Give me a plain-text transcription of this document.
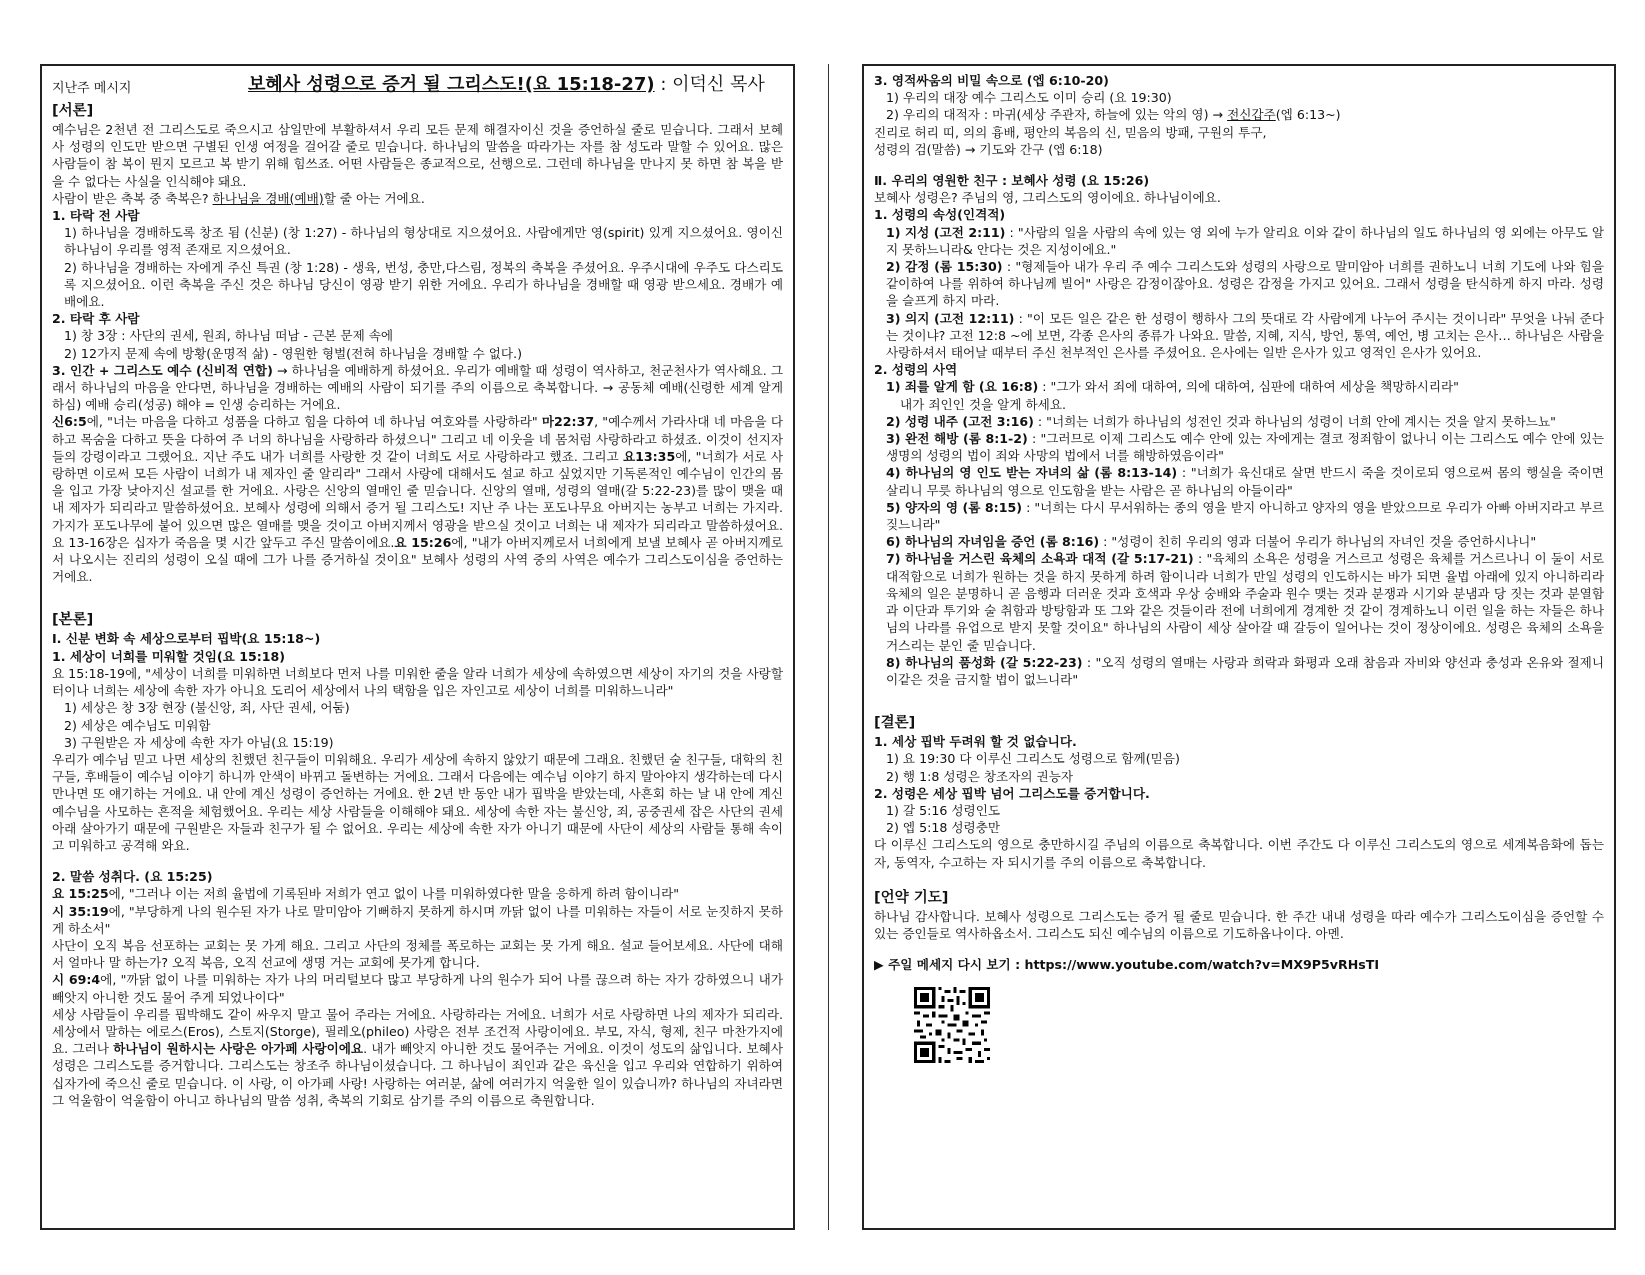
지난주 메시지	보혜사 성령으로 증거 될 그리스도!(요 15:18-27) : 이덕신 목사
[서론]

예수님은 2천년 전 그리스도로 죽으시고 삼일만에 부활하셔서 우리 모든 문제 해결자이신 것을 증언하실 줄로 믿습니다. 그래서 보혜사 성령의 인도만 받으면 구별된 인생 여정을 걸어갈 줄로 믿습니다. 하나님의 말씀을 따라가는 자를 참 성도라 말할 수 있어요. 많은 사람들이 참 복이 뭔지 모르고 복 받기 위해 힘쓰죠. 어떤 사람들은 종교적으로, 선행으로. 그런데 하나님을 만나지 못 하면 참 복을 받을 수 없다는 사실을 인식해야 돼요.

사람이 받은 축복 중 축복은? 하나님을 경배(예배)할 줄 아는 거에요.

1. 타락 전 사람

1) 하나님을 경배하도록 창조 됨 (신분) (창 1:27) - 하나님의 형상대로 지으셨어요. 사람에게만 영(spirit) 있게 지으셨어요. 영이신 하나님이 우리를 영적 존재로 지으셨어요.

2) 하나님을 경배하는 자에게 주신 특권 (창 1:28) - 생육, 번성, 충만,다스림, 정복의 축복을 주셨어요. 우주시대에 우주도 다스리도록 지으셨어요. 이런 축복을 주신 것은 하나님 당신이 영광 받기 위한 거에요. 우리가 하나님을 경배할 때 영광 받으세요. 경배가 예배에요.

2. 타락 후 사람

1) 창 3장 : 사단의 권세, 원죄, 하나님 떠남 - 근본 문제 속에

2) 12가지 문제 속에 방황(운명적 삶) - 영원한 형벌(전혀 하나님을 경배할 수 없다.)

3. 인간 + 그리스도 예수 (신비적 연합) → 하나님을 예배하게 하셨어요. 우리가 예배할 때 성령이 역사하고, 천군천사가 역사해요. 그래서 하나님의 마음을 안다면, 하나님을 경배하는 예배의 사람이 되기를 주의 이름으로 축복합니다. → 공동체 예배(신령한 세계 알게 하심) 예배 승리(성공) 해야 = 인생 승리하는 거에요.

신6:5에, "너는 마음을 다하고 성품을 다하고 힘을 다하여 네 하나님 여호와를 사랑하라" 마22:37, "예수께서 가라사대 네 마음을 다하고 목숨을 다하고 뜻을 다하여 주 너의 하나님을 사랑하라 하셨으니" 그리고 네 이웃을 네 몸처럼 사랑하라고 하셨죠. 이것이 선지자들의 강령이라고 그랬어요. 지난 주도 내가 너희를 사랑한 것 같이 너희도 서로 사랑하라고 했죠. 그리고 요13:35에, "너희가 서로 사랑하면 이로써 모든 사람이 너희가 내 제자인 줄 알리라" 그래서 사랑에 대해서도 설교 하고 싶었지만 기독론적인 예수님이 인간의 몸을 입고 가장 낮아지신 설교를 한 거에요. 사랑은 신앙의 열매인 줄 믿습니다. 신앙의 열매, 성령의 열매(갈 5:22-23)를 많이 맺을 때 내 제자가 되리라고 말씀하셨어요. 보혜사 성령에 의해서 증거 될 그리스도! 지난 주 나는 포도나무요 아버지는 농부고 너희는 가지라. 가지가 포도나무에 붙어 있으면 많은 열매를 맺을 것이고 아버지께서 영광을 받으실 것이고 너희는 내 제자가 되리라고 말씀하셨어요. 요 13-16장은 십자가 죽음을 몇 시간 앞두고 주신 말씀이에요.요 15:26에, "내가 아버지께로서 너희에게 보낼 보혜사 곧 아버지께로서 나오시는 진리의 성령이 오실 때에 그가 나를 증거하실 것이요" 보혜사 성령의 사역 중의 사역은 예수가 그리스도이심을 증언하는 거에요.

[본론]

Ⅰ. 신분 변화 속 세상으로부터 핍박(요 15:18~)

1. 세상이 너희를 미워할 것임(요 15:18)

요 15:18-19에, "세상이 너희를 미워하면 너희보다 먼저 나를 미워한 줄을 알라 너희가 세상에 속하였으면 세상이 자기의 것을 사랑할 터이나 너희는 세상에 속한 자가 아니요 도리어 세상에서 나의 택함을 입은 자인고로 세상이 너희를 미워하느니라"

1) 세상은 창 3장 현장 (불신앙, 죄, 사단 권세, 어둠)

2) 세상은 예수님도 미워함

3) 구원받은 자 세상에 속한 자가 아님(요 15:19)

우리가 예수님 믿고 나면 세상의 친했던 친구들이 미워해요. 우리가 세상에 속하지 않았기 때문에 그래요. 친했던 술 친구들, 대학의 친구들, 후배들이 예수님 이야기 하니까 안색이 바뀌고 돌변하는 거에요. 그래서 다음에는 예수님 이야기 하지 말아야지 생각하는데 다시 만나면 또 얘기하는 거에요. 내 안에 계신 성령이 증언하는 거에요. 한 2년 반 동안 내가 핍박을 받았는데, 사흔회 하는 날 내 안에 계신 예수님을 사모하는 흔적을 체험했어요. 우리는 세상 사람들을 이해해야 돼요. 세상에 속한 자는 불신앙, 죄, 공중권세 잡은 사단의 권세 아래 살아가기 때문에 구원받은 자들과 친구가 될 수 없어요. 우리는 세상에 속한 자가 아니기 때문에 사단이 세상의 사람들 통해 속이고 미워하고 공격해 와요.

2. 말씀 성취다. (요 15:25)

요 15:25에, "그러나 이는 저희 율법에 기록된바 저희가 연고 없이 나를 미워하였다한 말을 응하게 하려 함이니라"

시 35:19에, "부당하게 나의 원수된 자가 나로 말미암아 기뻐하지 못하게 하시며 까닭 없이 나를 미워하는 자들이 서로 눈짓하지 못하게 하소서"

사단이 오직 복음 선포하는 교회는 못 가게 해요. 그리고 사단의 정체를 폭로하는 교회는 못 가게 해요. 설교 들어보세요. 사단에 대해서 얼마나 말 하는가? 오직 복음, 오직 선교에 생명 거는 교회에 못가게 합니다.

시 69:4에, "까닭 없이 나를 미워하는 자가 나의 머리털보다 많고 부당하게 나의 원수가 되어 나를 끊으려 하는 자가 강하였으니 내가 빼앗지 아니한 것도 물어 주게 되었나이다"

세상 사람들이 우리를 핍박해도 같이 싸우지 말고 물어 주라는 거에요. 사랑하라는 거에요. 너희가 서로 사랑하면 나의 제자가 되리라. 세상에서 말하는 에로스(Eros), 스토지(Storge), 필레오(phileo) 사랑은 전부 조건적 사랑이에요. 부모, 자식, 형제, 친구 마찬가지에요. 그러나 하나님이 원하시는 사랑은 아가페 사랑이에요. 내가 빼앗지 아니한 것도 물어주는 거에요. 이것이 성도의 삶입니다. 보혜사 성령은 그리스도를 증거합니다. 그리스도는 창조주 하나님이셨습니다. 그 하나님이 죄인과 같은 육신을 입고 우리와 연합하기 위하여 십자가에 죽으신 줄로 믿습니다. 이 사랑, 이 아가페 사랑! 사랑하는 여러분, 삶에 여러가지 억울한 일이 있습니까? 하나님의 자녀라면 그 억울함이 억울함이 아니고 하나님의 말씀 성취, 축복의 기회로 삼기를 주의 이름으로 축원합니다.

3. 영적싸움의 비밀 속으로 (엡 6:10-20)

1) 우리의 대장 예수 그리스도 이미 승리 (요 19:30)

2) 우리의 대적자 : 마귀(세상 주관자, 하늘에 있는 악의 영) → 전신갑주(엡 6:13~)

진리로 허리 띠, 의의 흉배, 평안의 복음의 신, 믿음의 방패, 구원의 투구,

성령의 검(말씀) → 기도와 간구 (엡 6:18)

Ⅱ. 우리의 영원한 친구 : 보혜사 성령 (요 15:26)

보혜사 성령은? 주님의 영, 그리스도의 영이에요. 하나님이에요.

1. 성령의 속성(인격적)

1) 지성 (고전 2:11) : "사람의 일을 사람의 속에 있는 영 외에 누가 알리요 이와 같이 하나님의 일도 하나님의 영 외에는 아무도 알지 못하느니라& 안다는 것은 지성이에요."

2) 감정 (롬 15:30) : "형제들아 내가 우리 주 예수 그리스도와 성령의 사랑으로 말미암아 너희를 권하노니 너희 기도에 나와 힘을 같이하여 나를 위하여 하나님께 빌어" 사랑은 감정이잖아요. 성령은 감정을 가지고 있어요. 그래서 성령을 탄식하게 하지 마라. 성령을 슬프게 하지 마라.

3) 의지 (고전 12:11) : "이 모든 일은 같은 한 성령이 행하사 그의 뜻대로 각 사람에게 나누어 주시는 것이니라" 무엇을 나눠 준다는 것이냐? 고전 12:8 ~에 보면, 각종 은사의 종류가 나와요. 말씀, 지혜, 지식, 방언, 통역, 예언, 병 고치는 은사… 하나님은 사람을 사랑하셔서 태어날 때부터 주신 천부적인 은사를 주셨어요. 은사에는 일반 은사가 있고 영적인 은사가 있어요.

2. 성령의 사역

1) 죄를 알게 함 (요 16:8) : "그가 와서 죄에 대하여, 의에 대하여, 심판에 대하여 세상을 책망하시리라"

내가 죄인인 것을 알게 하세요.

2) 성령 내주 (고전 3:16) : "너희는 너희가 하나님의 성전인 것과 하나님의 성령이 너희 안에 계시는 것을 알지 못하느뇨"

3) 완전 해방 (롬 8:1-2) : "그러므로 이제 그리스도 예수 안에 있는 자에게는 결코 정죄함이 없나니 이는 그리스도 예수 안에 있는 생명의 성령의 법이 죄와 사망의 법에서 너를 해방하였음이라"

4) 하나님의 영 인도 받는 자녀의 삶 (롬 8:13-14) : "너희가 육신대로 살면 반드시 죽을 것이로되 영으로써 몸의 행실을 죽이면 살리니 무릇 하나님의 영으로 인도함을 받는 사람은 곧 하나님의 아들이라"

5) 양자의 영 (롬 8:15) : "너희는 다시 무서워하는 종의 영을 받지 아니하고 양자의 영을 받았으므로 우리가 아빠 아버지라고 부르짖느니라"

6) 하나님의 자녀임을 증언 (롬 8:16) : "성령이 친히 우리의 영과 더불어 우리가 하나님의 자녀인 것을 증언하시나니"

7) 하나님을 거스린 육체의 소욕과 대적 (갈 5:17-21) : "육체의 소욕은 성령을 거스르고 성령은 육체를 거스르나니 이 둘이 서로 대적함으로 너희가 원하는 것을 하지 못하게 하려 함이니라 너희가 만일 성령의 인도하시는 바가 되면 율법 아래에 있지 아니하리라 육체의 일은 분명하니 곧 음행과 더러운 것과 호색과 우상 숭배와 주술과 원수 맺는 것과 분쟁과 시기와 분냄과 당 짓는 것과 분열함과 이단과 투기와 술 취함과 방탕함과 또 그와 같은 것들이라 전에 너희에게 경계한 것 같이 경계하노니 이런 일을 하는 자들은 하나님의 나라를 유업으로 받지 못할 것이요" 하나님의 사람이 세상 살아갈 때 갈등이 일어나는 것이 정상이에요. 성령은 육체의 소욕을 거스리는 분인 줄 믿습니다.

8) 하나님의 품성화 (갈 5:22-23) : "오직 성령의 열매는 사랑과 희락과 화평과 오래 참음과 자비와 양선과 충성과 온유와 절제니 이같은 것을 금지할 법이 없느니라"

[결론]

1. 세상 핍박 두려워 할 것 없습니다.

1) 요 19:30 다 이루신 그리스도 성령으로 함께(믿음)

2) 행 1:8 성령은 창조자의 권능자

2. 성령은 세상 핍박 넘어 그리스도를 증거합니다.

1) 갈 5:16 성령인도

2) 엡 5:18 성령충만

다 이루신 그리스도의 영으로 충만하시길 주님의 이름으로 축복합니다. 이번 주간도 다 이루신 그리스도의 영으로 세계복음화에 돕는자, 동역자, 수고하는 자 되시기를 주의 이름으로 축복합니다.

[언약 기도]

하나님 감사합니다. 보혜사 성령으로 그리스도는 증거 될 줄로 믿습니다. 한 주간 내내 성령을 따라 예수가 그리스도이심을 증언할 수 있는 증인들로 역사하옵소서. 그리스도 되신 예수님의 이름으로 기도하옵나이다. 아멘.

▶ 주일 메세지 다시 보기 : https://www.youtube.com/watch?v=MX9P5vRHsTI
